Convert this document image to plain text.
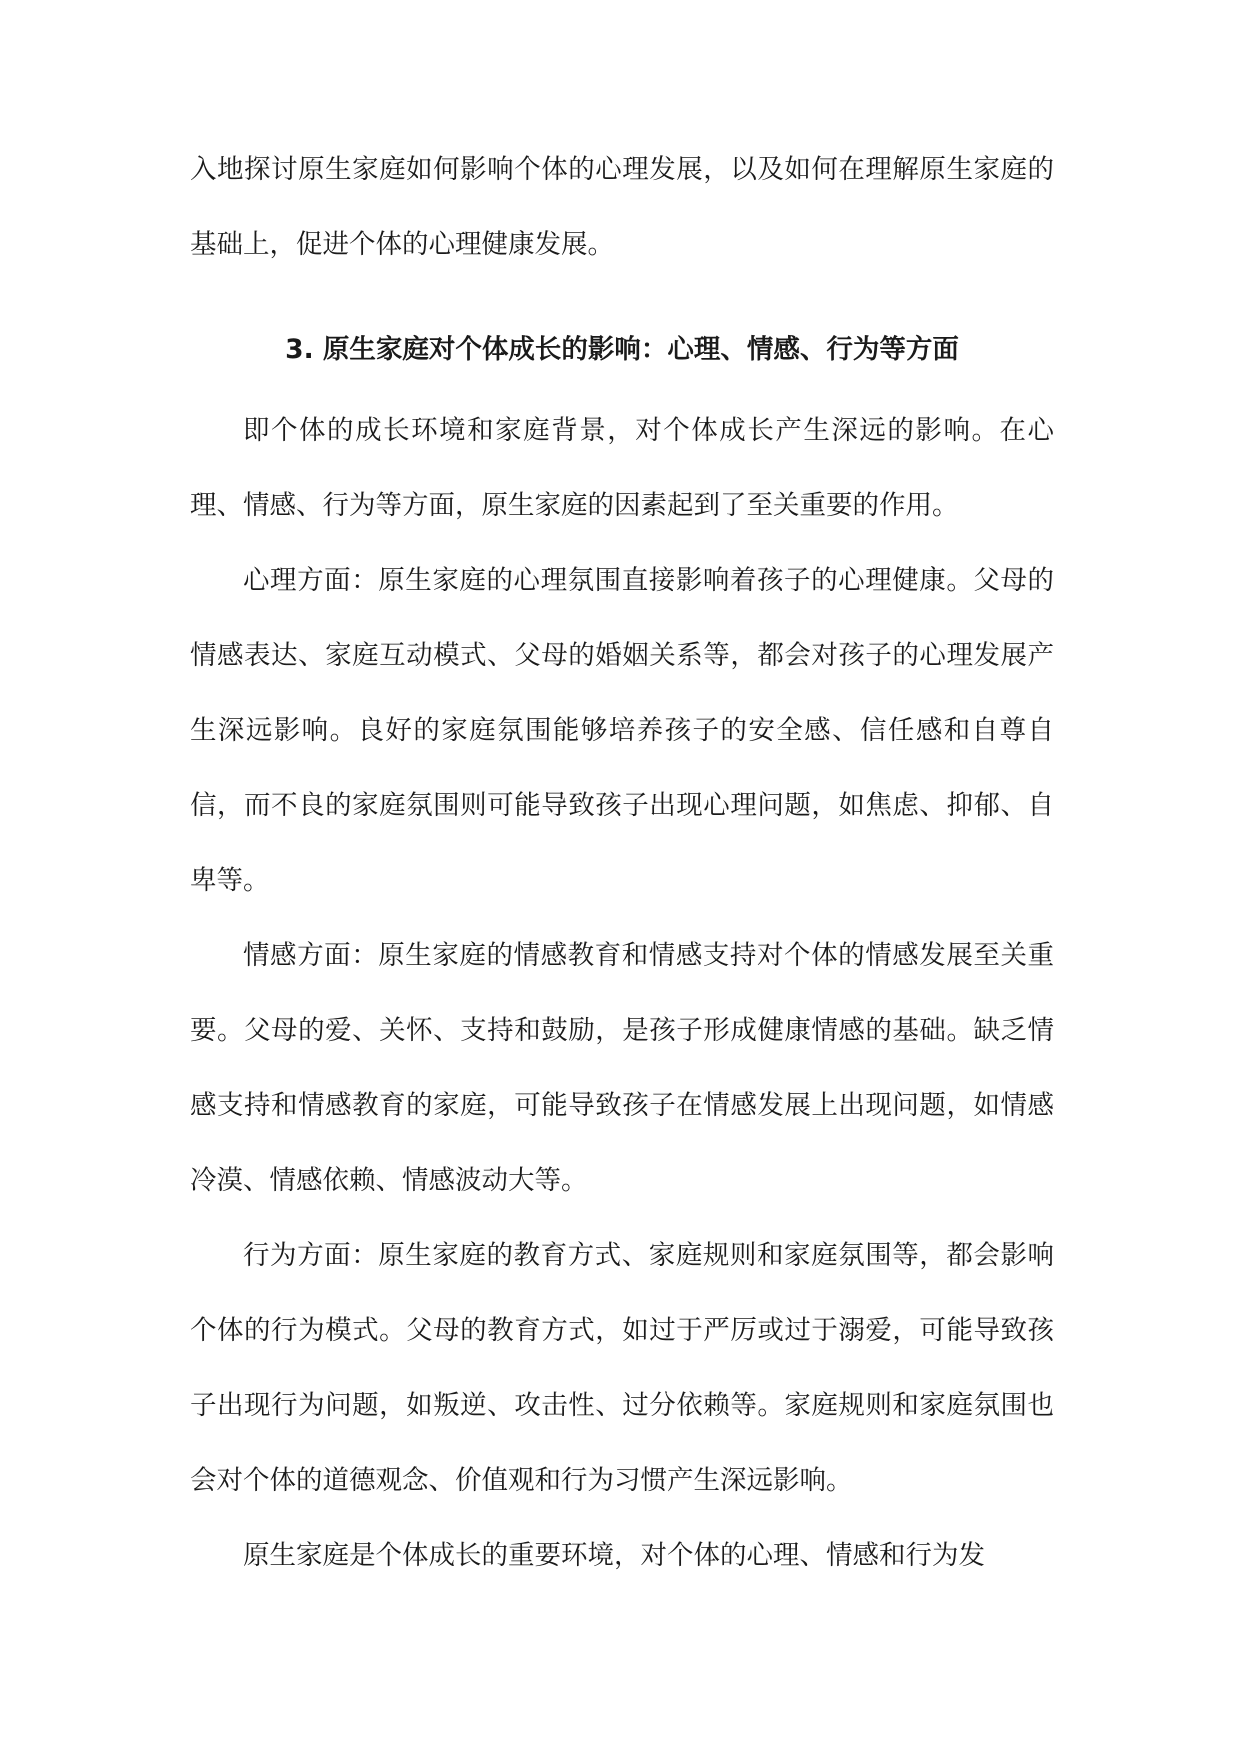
入地探讨原生家庭如何影响个体的心理发展，以及如何在理解原生家庭的基础上，促进个体的心理健康发展。

3. 原生家庭对个体成长的影响：心理、情感、行为等方面

即个体的成长环境和家庭背景，对个体成长产生深远的影响。在心理、情感、行为等方面，原生家庭的因素起到了至关重要的作用。

心理方面：原生家庭的心理氛围直接影响着孩子的心理健康。父母的情感表达、家庭互动模式、父母的婚姻关系等，都会对孩子的心理发展产生深远影响。良好的家庭氛围能够培养孩子的安全感、信任感和自尊自信，而不良的家庭氛围则可能导致孩子出现心理问题，如焦虑、抑郁、自卑等。

情感方面：原生家庭的情感教育和情感支持对个体的情感发展至关重要。父母的爱、关怀、支持和鼓励，是孩子形成健康情感的基础。缺乏情感支持和情感教育的家庭，可能导致孩子在情感发展上出现问题，如情感冷漠、情感依赖、情感波动大等。

行为方面：原生家庭的教育方式、家庭规则和家庭氛围等，都会影响个体的行为模式。父母的教育方式，如过于严厉或过于溺爱，可能导致孩子出现行为问题，如叛逆、攻击性、过分依赖等。家庭规则和家庭氛围也会对个体的道德观念、价值观和行为习惯产生深远影响。

原生家庭是个体成长的重要环境，对个体的心理、情感和行为发
